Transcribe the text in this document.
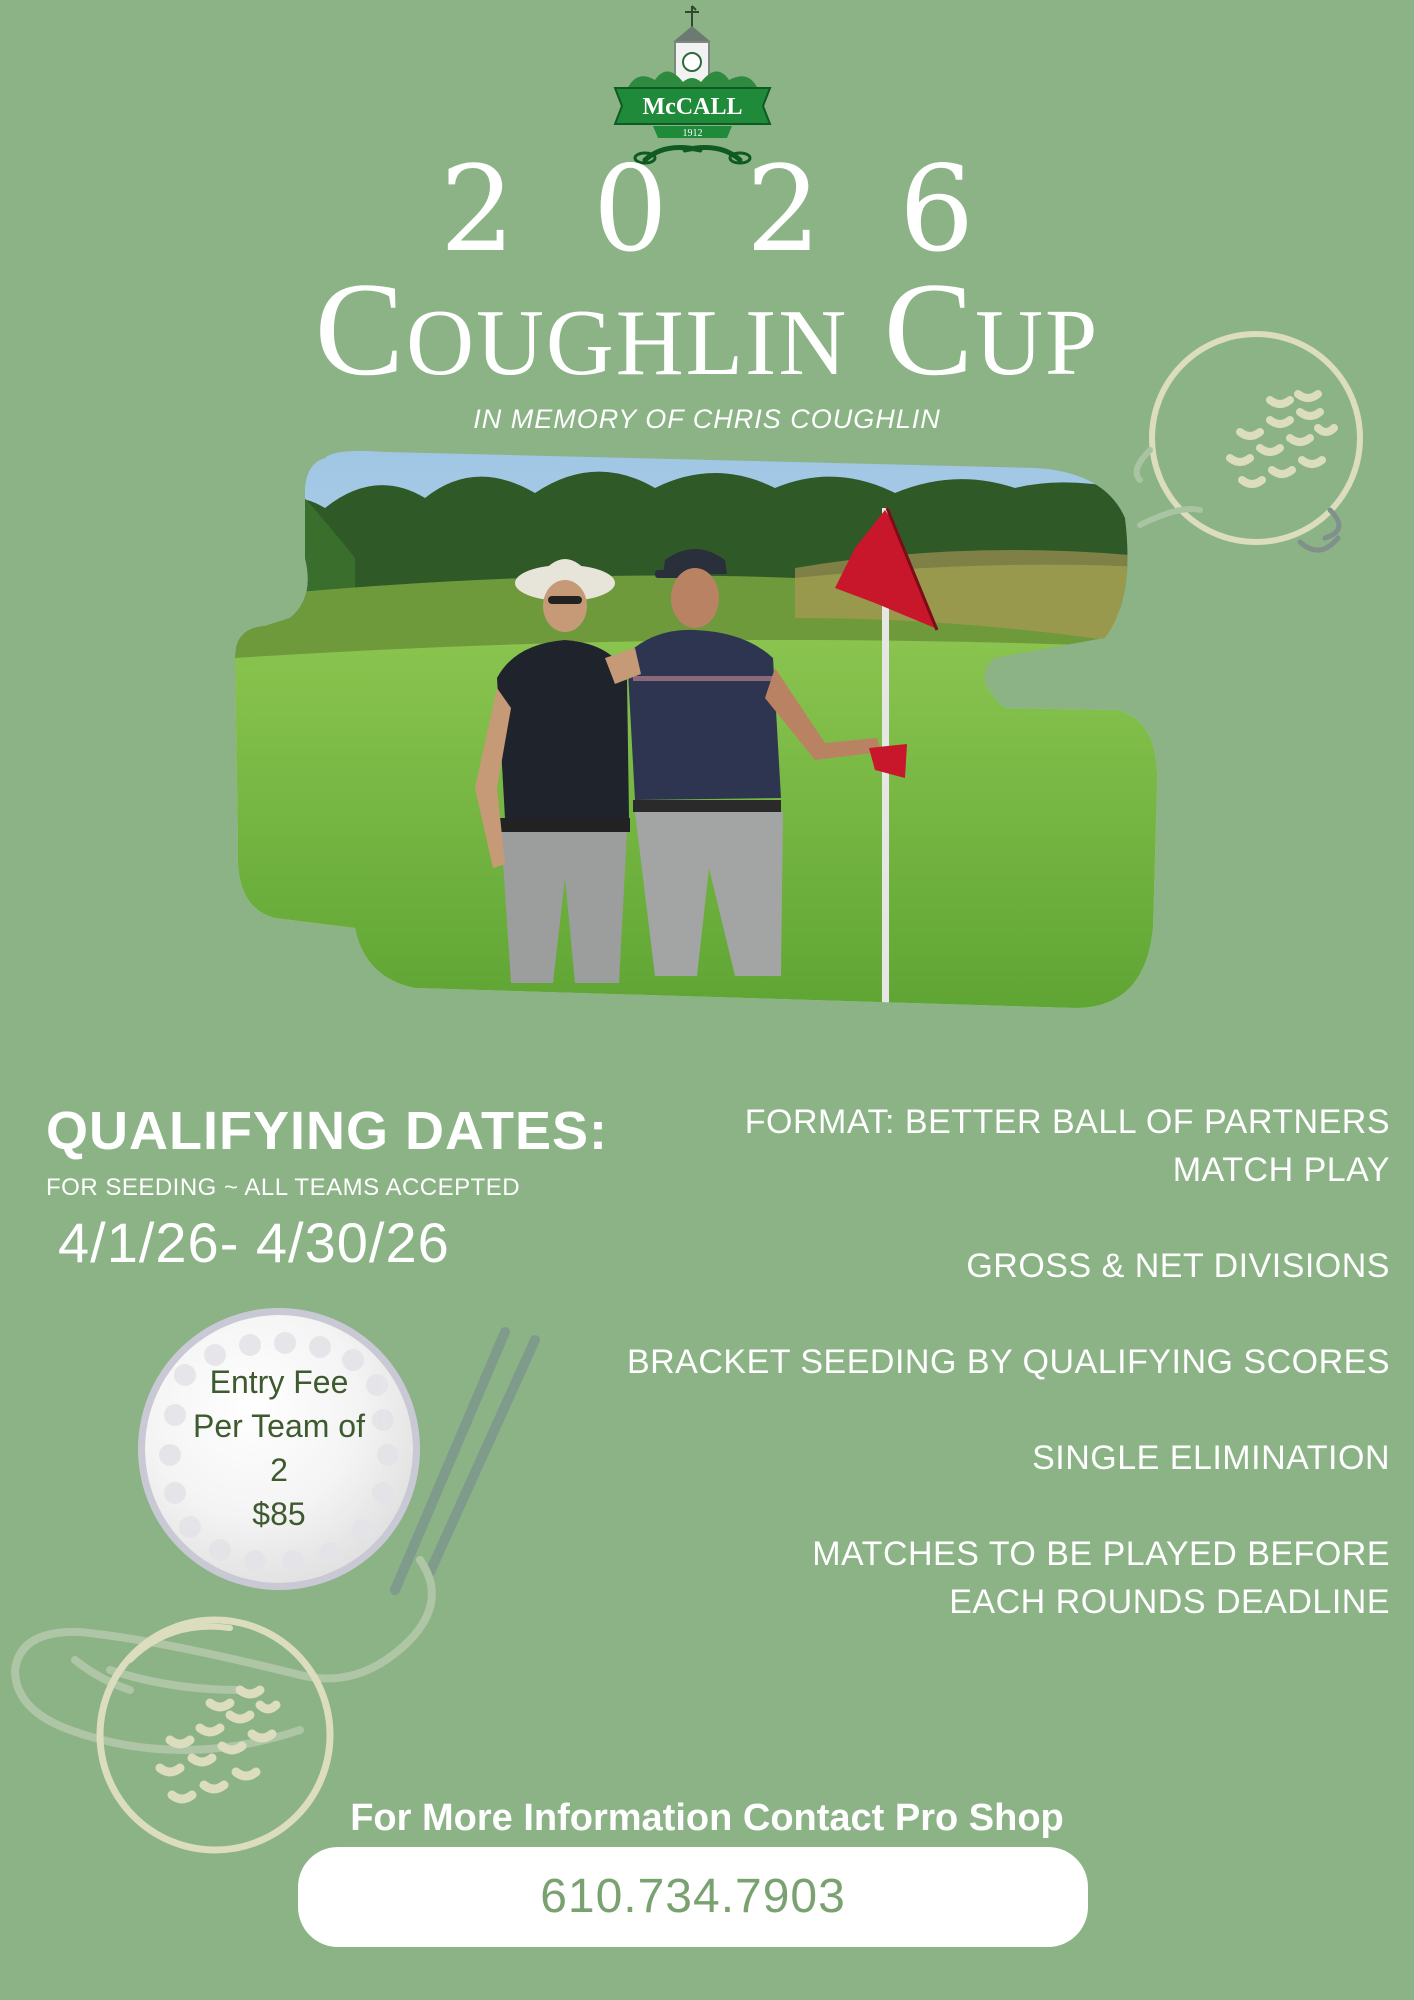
McCALL
1912
2026
Coughlin Cup
IN MEMORY OF CHRIS COUGHLIN
QUALIFYING DATES:
FOR SEEDING ~ ALL TEAMS ACCEPTED
4/1/26- 4/30/26
Entry Fee
Per Team of
2
$85
FORMAT: BETTER BALL OF PARTNERS
MATCH PLAY
GROSS & NET DIVISIONS
BRACKET SEEDING BY QUALIFYING SCORES
SINGLE ELIMINATION
MATCHES TO BE PLAYED BEFORE
EACH ROUNDS DEADLINE
For More Information Contact Pro Shop
610.734.7903
